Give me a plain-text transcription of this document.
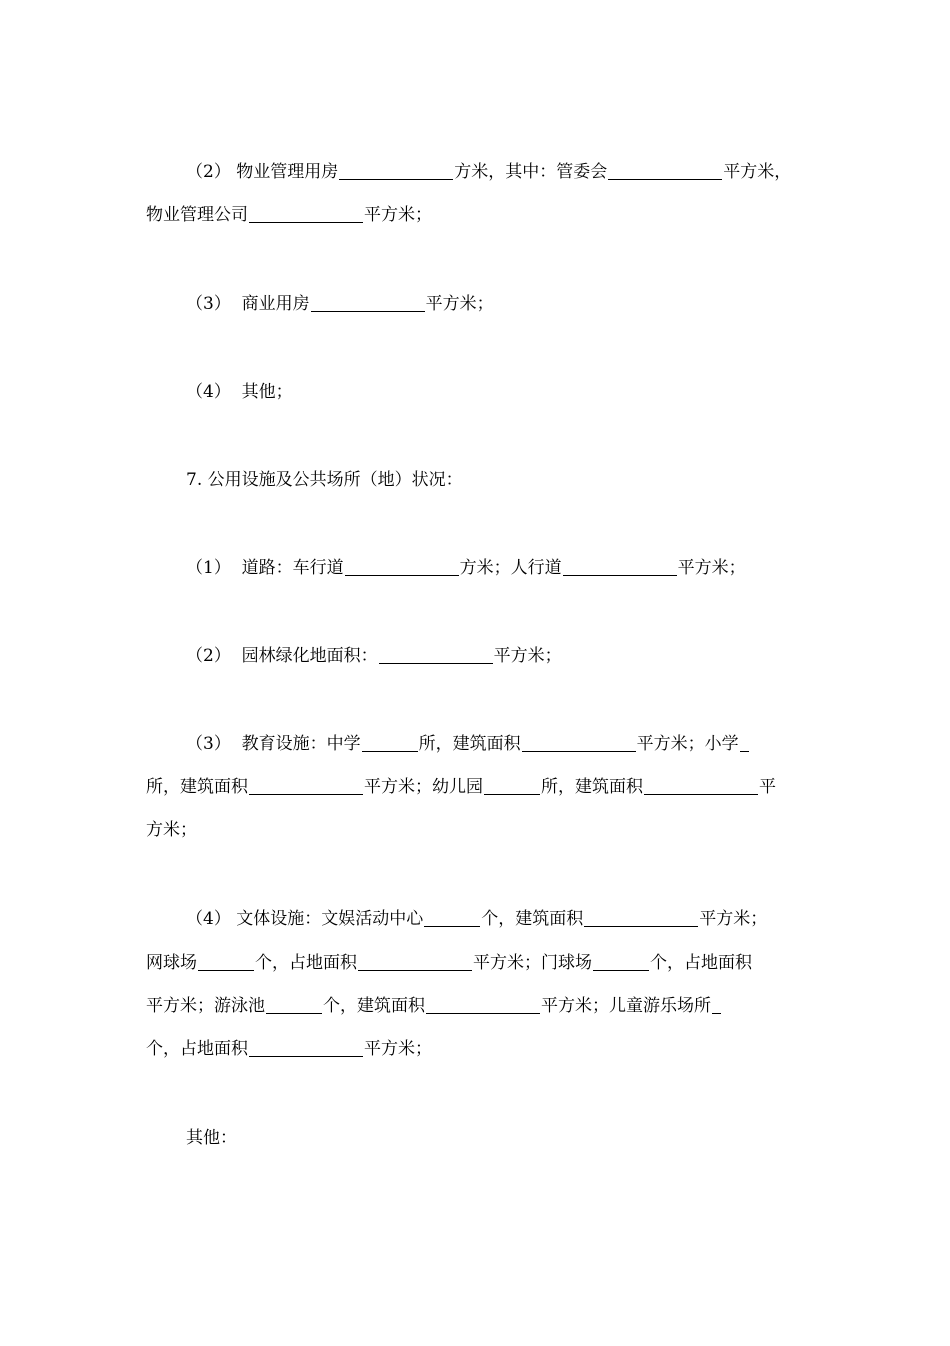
（2） 物业管理用房	方米，其中：管委会	平方米，
物业管理公司	平方米；
（3） 商业用房	平方米；
（4） 其他；
7. 公用设施及公共场所（地）状况：
（1） 道路：车行道	方米；人行道	平方米；
（2） 园林绿化地面积：	平方米；
（3） 教育设施：中学	所，建筑面积	平方米；小学
所，建筑面积	平方米；幼儿园	所，建筑面积	平
方米；
（4） 文体设施：文娱活动中心	个，建筑面积	平方米；
网球场	个，占地面积	平方米；门球场	个，占地面积
平方米；游泳池	个，建筑面积	平方米；儿童游乐场所
个，占地面积	平方米；
其他：
